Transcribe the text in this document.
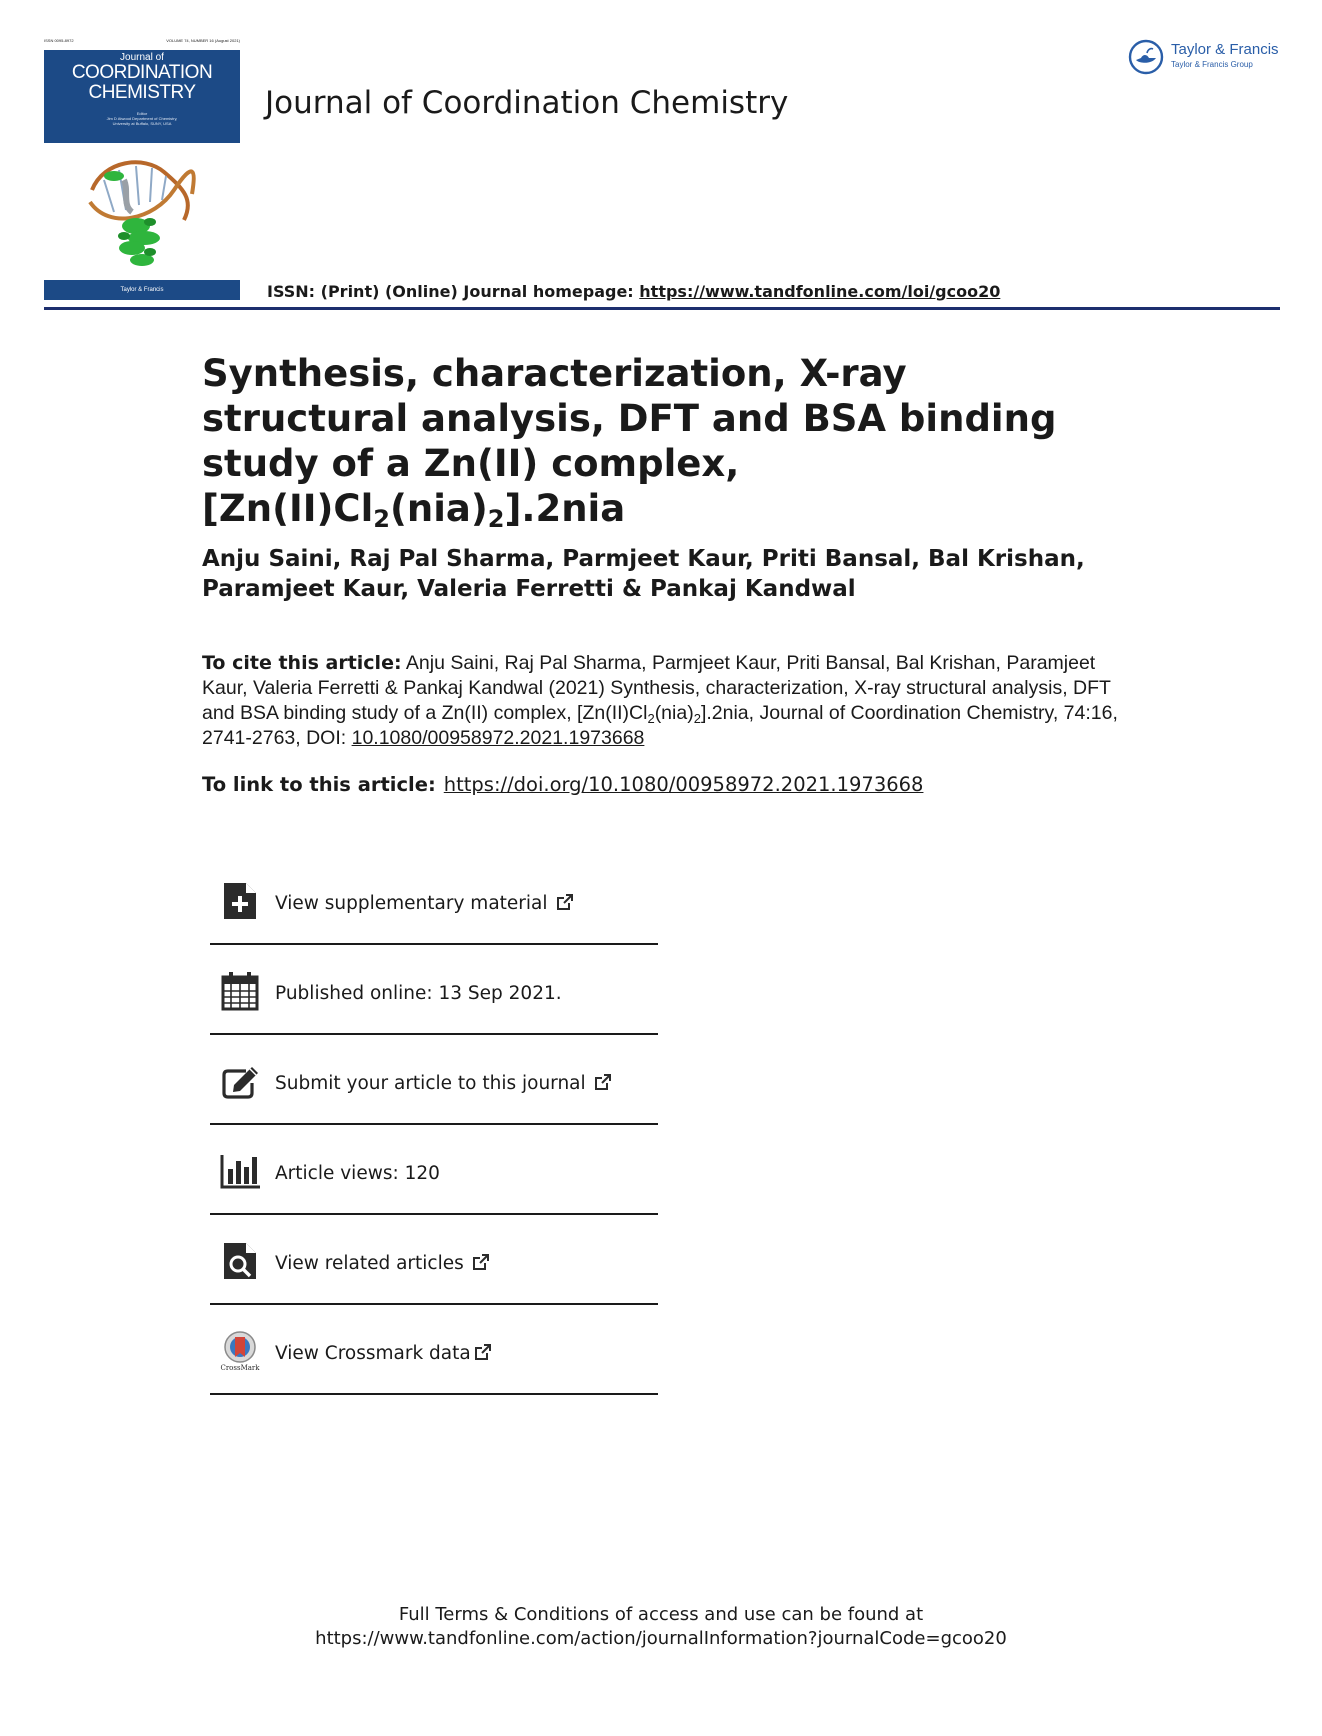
ISSN 0095-8972	VOLUME 74, NUMBER 16 (August 2021)
Journal of
COORDINATION
CHEMISTRY
Editor
Jim D Atwood Department of Chemistry,
University at Buffalo, SUNY, USA
Taylor & Francis
Journal of Coordination Chemistry
Taylor & Francis
Taylor & Francis Group
ISSN: (Print) (Online) Journal homepage: https://www.tandfonline.com/loi/gcoo20
Synthesis, characterization, X-ray structural analysis, DFT and BSA binding study of a Zn(II) complex, $[Zn(II)Cl_2(nia)_2].2nia$
Anju Saini, Raj Pal Sharma, Parmjeet Kaur, Priti Bansal, Bal Krishan, Paramjeet Kaur, Valeria Ferretti & Pankaj Kandwal
To cite this article: Anju Saini, Raj Pal Sharma, Parmjeet Kaur, Priti Bansal, Bal Krishan, Paramjeet Kaur, Valeria Ferretti & Pankaj Kandwal (2021) Synthesis, characterization, X-ray structural analysis, DFT and BSA binding study of a Zn(II) complex, $[Zn(II)Cl_2(nia)_2].2nia$, Journal of Coordination Chemistry, 74:16, 2741-2763, DOI: 10.1080/00958972.2021.1973668
To link to this article: https://doi.org/10.1080/00958972.2021.1973668
View supplementary material
Published online: 13 Sep 2021.
Submit your article to this journal
Article views: 120
View related articles
CrossMark
View Crossmark data
Full Terms & Conditions of access and use can be found at
https://www.tandfonline.com/action/journalInformation?journalCode=gcoo20
